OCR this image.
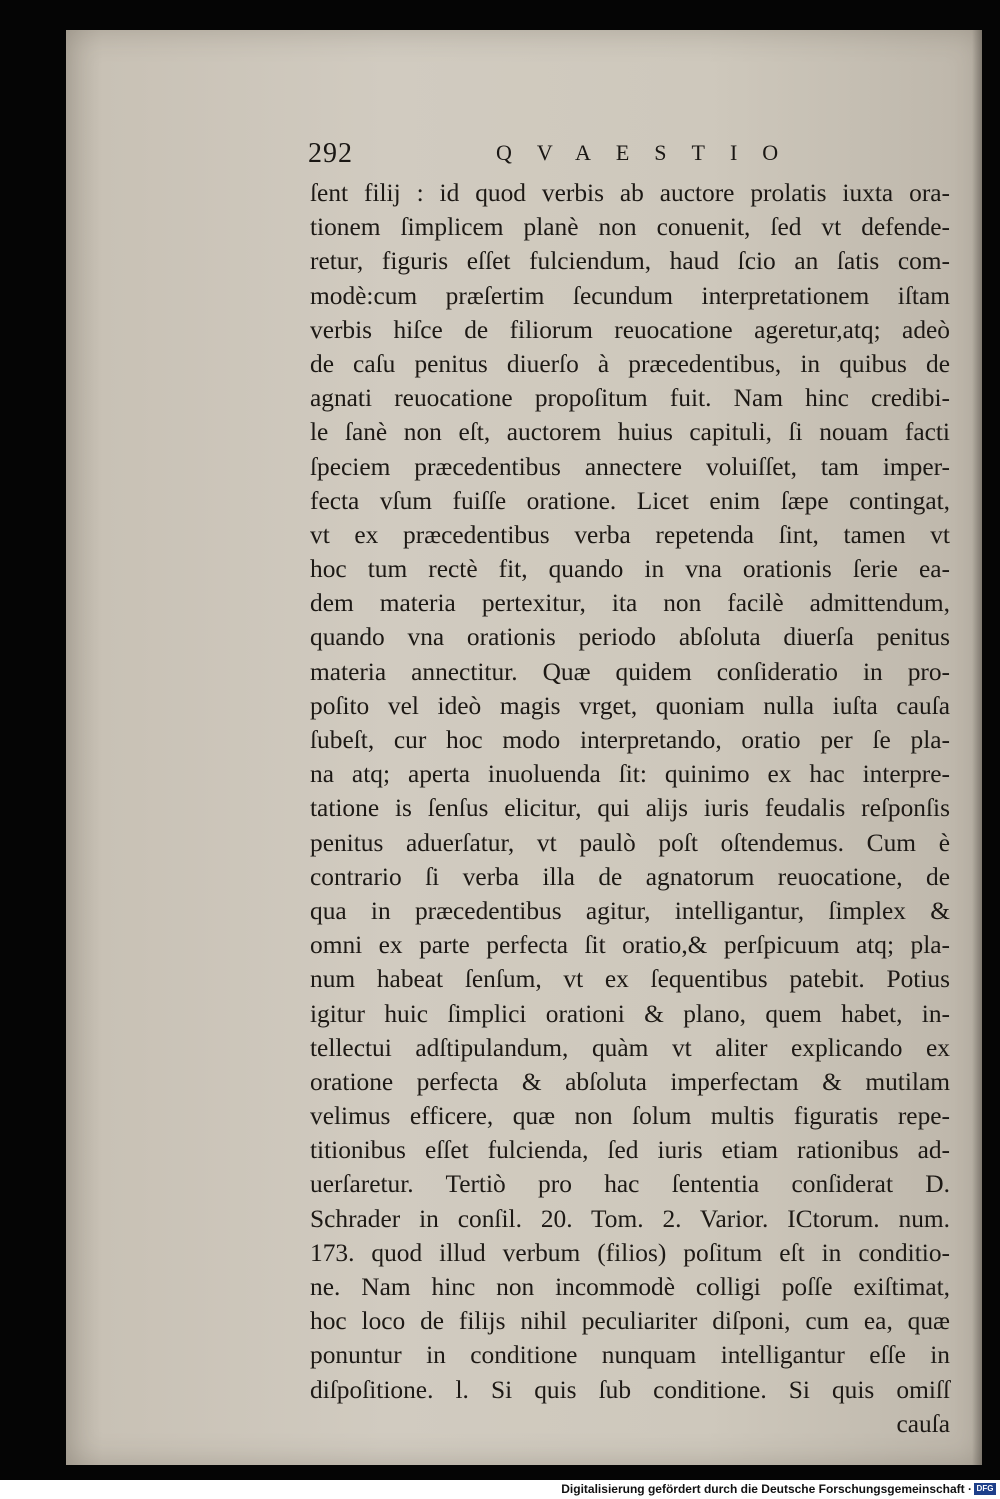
292	QVAESTIO
ſent filij : id quod verbis ab auctore prolatis iuxta ora-
tionem ſimplicem planè non conuenit, ſed vt defende-
retur, figuris eſſet fulciendum, haud ſcio an ſatis com-
modè:cum præſertim ſecundum interpretationem iſtam
verbis hiſce de filiorum reuocatione ageretur,atq; adeò
de caſu penitus diuerſo à præcedentibus, in quibus de
agnati reuocatione propoſitum fuit. Nam hinc credibi-
le ſanè non eſt, auctorem huius capituli, ſi nouam facti
ſpeciem præcedentibus annectere voluiſſet, tam imper-
fecta vſum fuiſſe oratione. Licet enim ſæpe contingat,
vt ex præcedentibus verba repetenda ſint, tamen vt
hoc tum rectè fit, quando in vna orationis ſerie ea-
dem materia pertexitur, ita non facilè admittendum,
quando vna orationis periodo abſoluta diuerſa penitus
materia annectitur. Quæ quidem conſideratio in pro-
poſito vel ideò magis vrget, quoniam nulla iuſta cauſa
ſubeſt, cur hoc modo interpretando, oratio per ſe pla-
na atq; aperta inuoluenda ſit: quinimo ex hac interpre-
tatione is ſenſus elicitur, qui alijs iuris feudalis reſponſis
penitus aduerſatur, vt paulò poſt oſtendemus. Cum è
contrario ſi verba illa de agnatorum reuocatione, de
qua in præcedentibus agitur, intelligantur, ſimplex &
omni ex parte perfecta ſit oratio,& perſpicuum atq; pla-
num habeat ſenſum, vt ex ſequentibus patebit. Potius
igitur huic ſimplici orationi & plano, quem habet, in-
tellectui adſtipulandum, quàm vt aliter explicando ex
oratione perfecta & abſoluta imperfectam & mutilam
velimus efficere, quæ non ſolum multis figuratis repe-
titionibus eſſet fulcienda, ſed iuris etiam rationibus ad-
uerſaretur. Tertiò pro hac ſententia conſiderat D.
Schrader in conſil. 20. Tom. 2. Varior. ICtorum. num.
173. quod illud verbum (filios) poſitum eſt in conditio-
ne. Nam hinc non incommodè colligi poſſe exiſtimat,
hoc loco de filijs nihil peculiariter diſponi, cum ea, quæ
ponuntur in conditione nunquam intelligantur eſſe in
diſpoſitione. l. Si quis ſub conditione. Si quis omiſſ
cauſa
Digitalisierung gefördert durch die Deutsche Forschungsgemeinschaft · DFG
